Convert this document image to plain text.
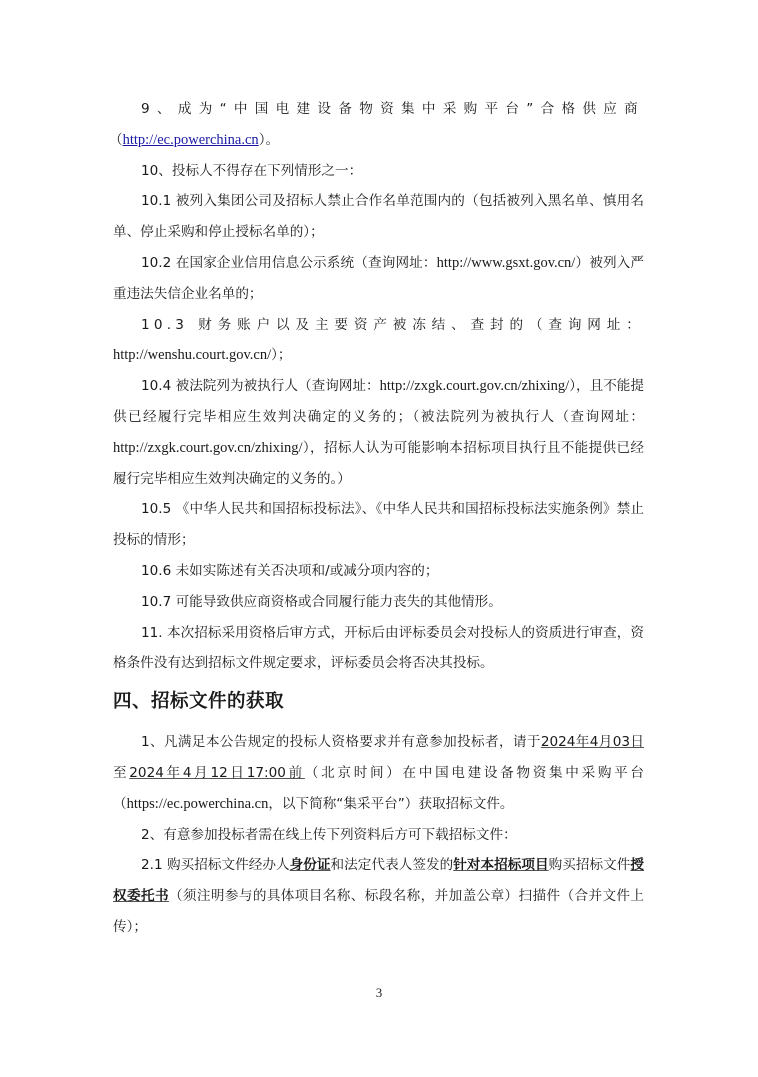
9、成为“中国电建设备物资集中采购平台”合格供应商

（http://ec.powerchina.cn）。

10、投标人不得存在下列情形之一：

10.1 被列入集团公司及招标人禁止合作名单范围内的（包括被列入黑名单、慎用名单、停止采购和停止授标名单的）；

10.2 在国家企业信用信息公示系统（查询网址：http://www.gsxt.gov.cn/）被列入严重违法失信企业名单的；

10.3 财务账户以及主要资产被冻结、查封的（查询网址：http://wenshu.court.gov.cn/）；

10.4 被法院列为被执行人（查询网址：http://zxgk.court.gov.cn/zhixing/），且不能提供已经履行完毕相应生效判决确定的义务的；（被法院列为被执行人（查询网址：http://zxgk.court.gov.cn/zhixing/），招标人认为可能影响本招标项目执行且不能提供已经履行完毕相应生效判决确定的义务的。）

10.5 《中华人民共和国招标投标法》、《中华人民共和国招标投标法实施条例》禁止投标的情形；

10.6 未如实陈述有关否决项和/或减分项内容的；

10.7 可能导致供应商资格或合同履行能力丧失的其他情形。

11. 本次招标采用资格后审方式，开标后由评标委员会对投标人的资质进行审查，资格条件没有达到招标文件规定要求，评标委员会将否决其投标。

四、招标文件的获取

1、凡满足本公告规定的投标人资格要求并有意参加投标者，请于2024年4月03日至2024年4月12日17:00前（北京时间）在中国电建设备物资集中采购平台（https://ec.powerchina.cn，以下简称“集采平台”）获取招标文件。

2、有意参加投标者需在线上传下列资料后方可下载招标文件：

2.1 购买招标文件经办人身份证和法定代表人签发的针对本招标项目购买招标文件授权委托书（须注明参与的具体项目名称、标段名称，并加盖公章）扫描件（合并文件上传）；

3
